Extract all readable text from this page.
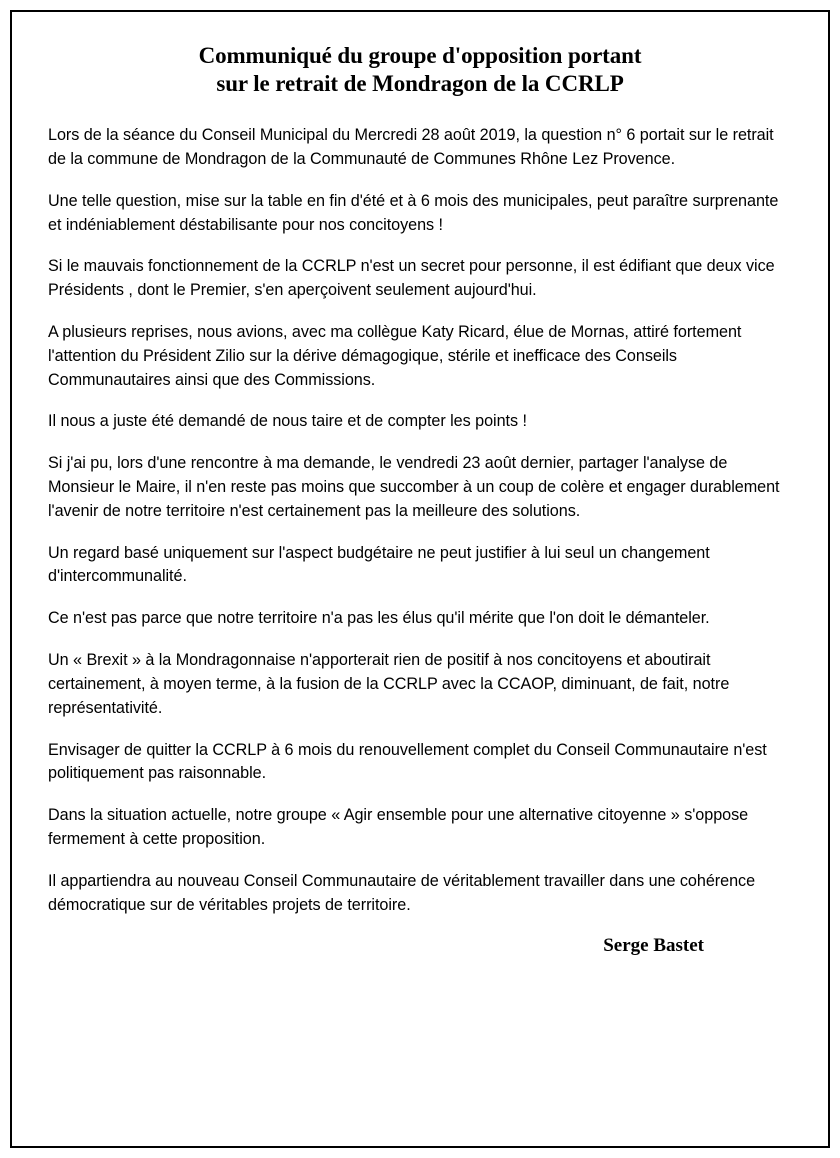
Communiqué du groupe d'opposition portant
sur le retrait de Mondragon de la CCRLP

Lors de la séance du Conseil Municipal du Mercredi 28 août 2019, la question n° 6 portait sur le retrait de la commune de Mondragon de la Communauté de Communes Rhône Lez Provence.

Une telle question, mise sur la table en fin d'été et à 6 mois des municipales, peut paraître surprenante et indéniablement déstabilisante pour nos concitoyens !

Si le mauvais fonctionnement de la CCRLP n'est un secret pour personne, il est édifiant que deux vice Présidents , dont le Premier, s'en aperçoivent seulement aujourd'hui.

A plusieurs reprises, nous avions, avec ma collègue Katy Ricard, élue de Mornas, attiré fortement l'attention du Président Zilio sur la dérive démagogique, stérile et inefficace des Conseils Communautaires ainsi que des Commissions.

Il nous a juste été demandé de nous taire et de compter les points !

Si j'ai pu, lors d'une rencontre à ma demande, le vendredi 23 août dernier, partager l'analyse de Monsieur le Maire, il n'en reste pas moins que succomber à un coup de colère et engager durablement l'avenir de notre territoire n'est certainement pas la meilleure des solutions.

Un regard basé uniquement sur l'aspect budgétaire ne peut justifier à lui seul un changement d'intercommunalité.

Ce n'est pas parce que notre territoire n'a pas les élus qu'il mérite que l'on doit le démanteler.

Un « Brexit » à la Mondragonnaise n'apporterait rien de positif à nos concitoyens et aboutirait certainement, à moyen terme, à la fusion de la CCRLP avec la CCAOP, diminuant, de fait, notre représentativité.

Envisager de quitter la CCRLP à 6 mois du renouvellement complet du Conseil Communautaire n'est politiquement pas raisonnable.

Dans la situation actuelle, notre groupe « Agir ensemble pour une alternative citoyenne » s'oppose fermement à cette proposition.

Il appartiendra au nouveau Conseil Communautaire de véritablement travailler dans une cohérence démocratique sur de véritables projets de territoire.

Serge Bastet
